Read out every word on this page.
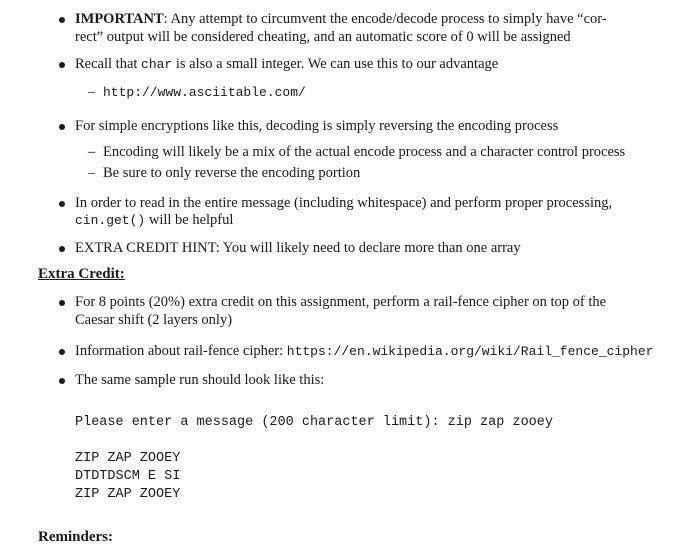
IMPORTANT: Any attempt to circumvent the encode/decode process to simply have “cor-
rect” output will be considered cheating, and an automatic score of 0 will be assigned
Recall that char is also a small integer. We can use this to our advantage
– http://www.asciitable.com/
For simple encryptions like this, decoding is simply reversing the encoding process
– Encoding will likely be a mix of the actual encode process and a character control process
– Be sure to only reverse the encoding portion
In order to read in the entire message (including whitespace) and perform proper processing,
cin.get() will be helpful
EXTRA CREDIT HINT: You will likely need to declare more than one array
Extra Credit:
For 8 points (20%) extra credit on this assignment, perform a rail-fence cipher on top of the
Caesar shift (2 layers only)
Information about rail-fence cipher: https://en.wikipedia.org/wiki/Rail_fence_cipher
The same sample run should look like this:
Please enter a message (200 character limit): zip zap zooey
ZIP ZAP ZOOEY
DTDTDSCM E SI
ZIP ZAP ZOOEY
Reminders:
